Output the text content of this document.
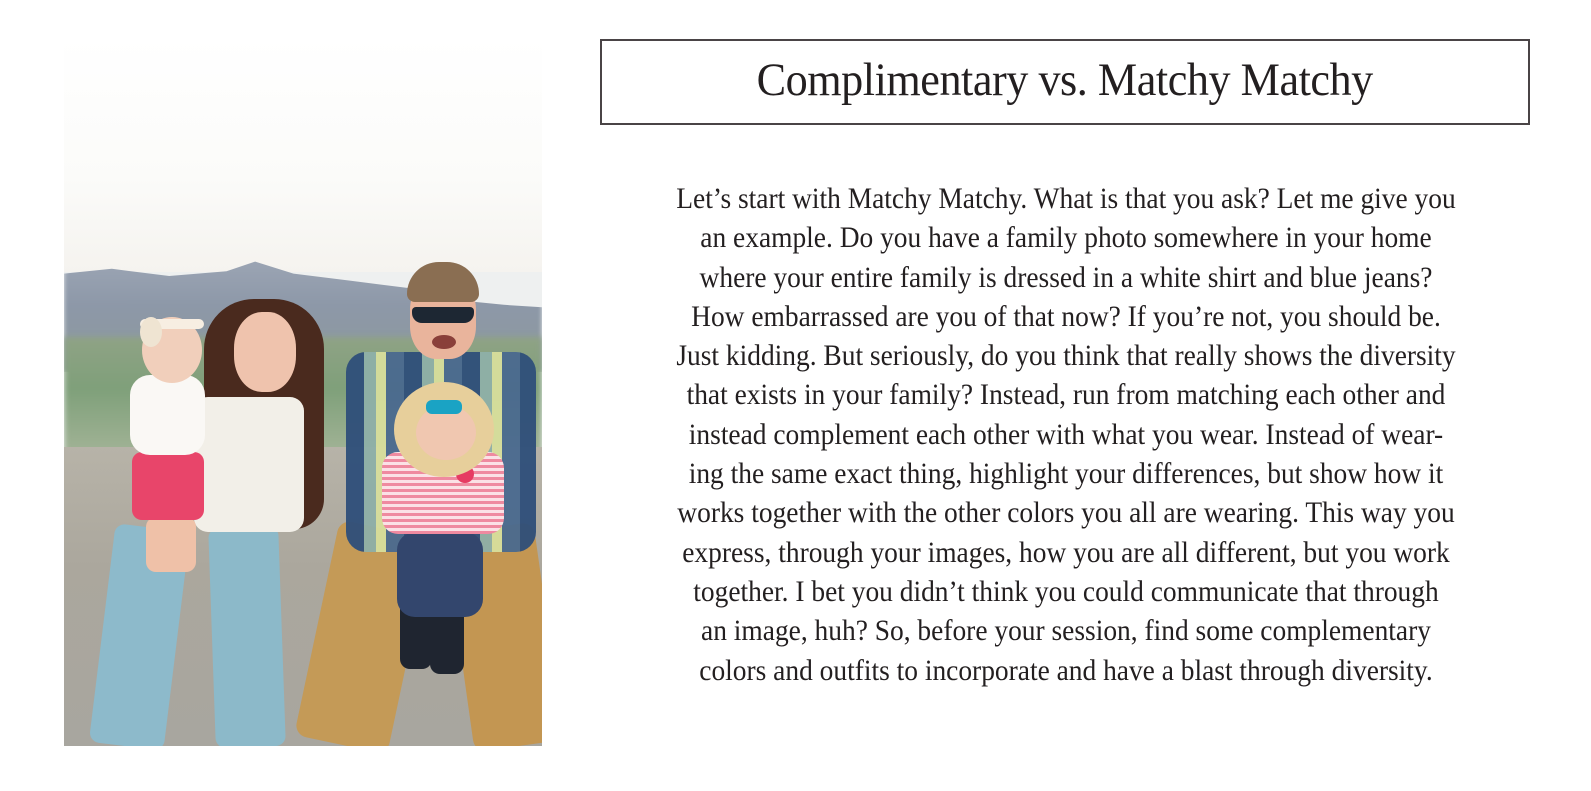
Complimentary vs. Matchy Matchy
Let’s start with Matchy Matchy. What is that you ask? Let me give you
an example. Do you have a family photo somewhere in your home
where your entire family is dressed in a white shirt and blue jeans?
How embarrassed are you of that now? If you’re not, you should be.
Just kidding. But seriously, do you think that really shows the diversity
that exists in your family? Instead, run from matching each other and
instead complement each other with what you wear. Instead of wear-
ing the same exact thing, highlight your differences, but show how it
works together with the other colors you all are wearing. This way you
express, through your images, how you are all different, but you work
together. I bet you didn’t think you could communicate that through
an image, huh? So, before your session, find some complementary
colors and outfits to incorporate and have a blast through diversity.
